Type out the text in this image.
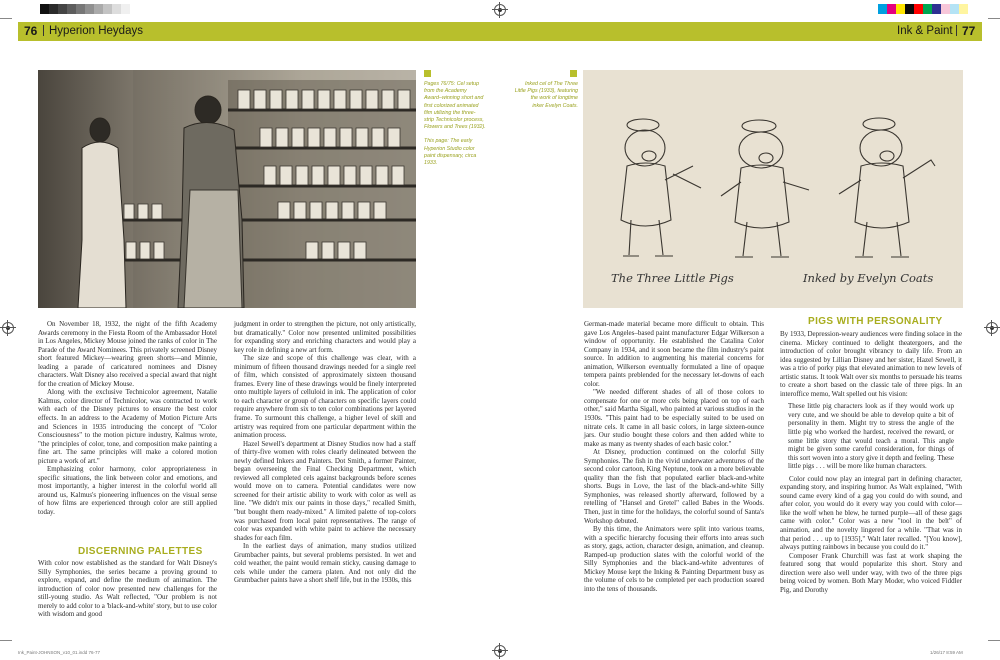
76 Hyperion Heydays	Ink & Paint 77
Pages 76/75: Cel setup
from the Academy
Award–winning short and
first colorized animated
film utilizing the three-
strip Technicolor process,
Flowers and Trees (1932).
This page: The early
Hyperion Studio color
paint dispensary, circa
1933.
Inked cel of The Three
Little Pigs (1933), featuring
the work of longtime
inker Evelyn Coats.
The Three Little Pigs	Inked by Evelyn Coats

On November 18, 1932, the night of the fifth Academy Awards ceremony in the Fiesta Room of the Ambassador Hotel in Los Angeles, Mickey Mouse joined the ranks of color in The Parade of the Award Nominees. This privately screened Disney short featured Mickey—wearing green shorts—and Minnie, leading a parade of caricatured nominees and Disney characters. Walt Disney also received a special award that night for the creation of Mickey Mouse.

Along with the exclusive Technicolor agreement, Natalie Kalmus, color director of Technicolor, was contracted to work with each of the Disney pictures to ensure the best color effects. In an address to the Academy of Motion Picture Arts and Sciences in 1935 introducing the concept of "Color Consciousness" to the motion picture industry, Kalmus wrote, "the principles of color, tone, and composition make painting a fine art. The same principles will make a colored motion picture a work of art."

Emphasizing color harmony, color appropriateness in specific situations, the link between color and emotions, and most importantly, a higher interest in the colorful world all around us, Kalmus's pioneering influences on the visual sense of how films are experienced through color are still applied today.

DISCERNING PALETTES

With color now established as the standard for Walt Disney's Silly Symphonies, the series became a proving ground to explore, expand, and define the medium of animation. The introduction of color now presented new challenges for the still-young studio. As Walt reflected, "Our problem is not merely to add color to a 'black-and-white' story, but to use color with wisdom and good

judgment in order to strengthen the picture, not only artistically, but dramatically." Color now presented unlimited possibilities for expanding story and enriching characters and would play a key role in defining a new art form.

The size and scope of this challenge was clear, with a minimum of fifteen thousand drawings needed for a single reel of film, which consisted of approximately sixteen thousand frames. Every line of these drawings would be finely interpreted onto multiple layers of celluloid in ink. The application of color to each character or group of characters on specific layers could require anywhere from six to ten color combinations per layered frame. To surmount this challenge, a higher level of skill and artistry was required from one particular department within the animation process.

Hazel Sewell's department at Disney Studios now had a staff of thirty-five women with roles clearly delineated between the newly defined Inkers and Painters. Dot Smith, a former Painter, began overseeing the Final Checking Department, which reviewed all completed cels against backgrounds before scenes would move on to camera. Potential candidates were now screened for their artistic ability to work with color as well as line. "We didn't mix our paints in those days," recalled Smith, "but bought them ready-mixed." A limited palette of top-colors was purchased from local paint representatives. The range of color was expanded with white paint to achieve the necessary shades for each film.

In the earliest days of animation, many studios utilized Grumbacher paints, but several problems persisted. In wet and cold weather, the paint would remain sticky, causing damage to cels while under the camera platen. And not only did the Grumbacher paints have a short shelf life, but in the 1930s, this

German-made material became more difficult to obtain. This gave Los Angeles–based paint manufacturer Edgar Wilkerson a window of opportunity. He established the Catalina Color Company in 1934, and it soon became the film industry's paint source. In addition to augmenting his material concerns for animation, Wilkerson eventually formulated a line of opaque tempera paints preblended for the necessary let-downs of each color.

"We needed different shades of all of those colors to compensate for one or more cels being placed on top of each other," said Martha Sigall, who painted at various studios in the 1930s. "This paint had to be especially suited to be used on nitrate cels. It came in all basic colors, in large sixteen-ounce jars. Our studio bought these colors and then added white to make as many as twenty shades of each basic color."

At Disney, production continued on the colorful Silly Symphonies. The fish in the vivid underwater adventures of the second color cartoon, King Neptune, took on a more believable quality than the fish that populated earlier black-and-white shorts. Bugs in Love, the last of the black-and-white Silly Symphonies, was released shortly afterward, followed by a retelling of "Hansel and Gretel" called Babes in the Woods. Then, just in time for the holidays, the colorful sound of Santa's Workshop debuted.

By this time, the Animators were split into various teams, with a specific hierarchy focusing their efforts into areas such as story, gags, action, character design, animation, and cleanup. Ramped-up production slates with the colorful world of the Silly Symphonies and the black-and-white adventures of Mickey Mouse kept the Inking & Painting Department busy as the volume of cels to be completed per each production soared into the tens of thousands.

PIGS WITH PERSONALITY

By 1933, Depression-weary audiences were finding solace in the cinema. Mickey continued to delight theatergoers, and the introduction of color brought vibrancy to daily life. From an idea suggested by Lillian Disney and her sister, Hazel Sewell, it was a trio of porky pigs that elevated animation to new levels of artistic status. It took Walt over six months to persuade his teams to create a short based on the classic tale of three pigs. In an interoffice memo, Walt spelled out his vision:

These little pig characters look as if they would work up very cute, and we should be able to develop quite a bit of personality in them. Might try to stress the angle of the little pig who worked the hardest, received the reward, or some little story that would teach a moral. This angle might be given some careful consideration, for things of this sort woven into a story give it depth and feeling. These little pigs . . . will be more like human characters.

Color could now play an integral part in defining character, expanding story, and inspiring humor. As Walt explained, "With sound came every kind of a gag you could do with sound, and after color, you would do it every way you could with color—like the wolf when he blew, he turned purple—all of these gags came with color." Color was a new "tool in the belt" of animation, and the novelty lingered for a while. "That was in that period . . . up to [1935]," Walt later recalled. "[You know], always putting rainbows in because you could do it."

Composer Frank Churchill was fast at work shaping the featured song that would popularize this short. Story and direction were also well under way, with two of the three pigs being voiced by women. Both Mary Moder, who voiced Fiddler Pig, and Dorothy

Ink_Paint-JOHNSON_v10_01.indd 76-77	1/26/17 8:59 AM
